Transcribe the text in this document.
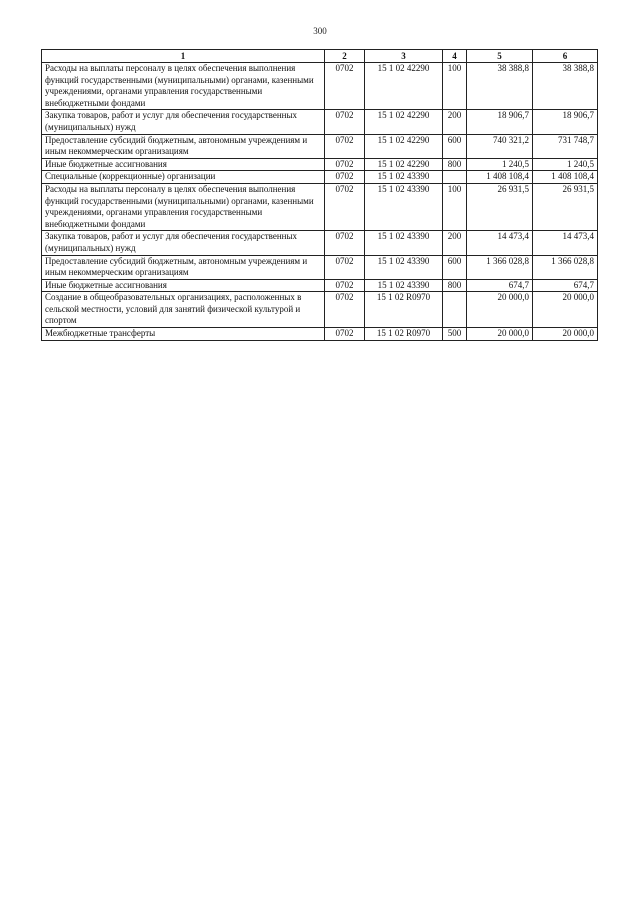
300
1	2	3	4	5	6
Расходы на выплаты персоналу в целях обеспечения выполнения функций государственными (муниципальными) органами, казенными учреждениями, органами управления государственными внебюджетными фондами	0702	15 1 02 42290	100	38 388,8	38 388,8
Закупка товаров, работ и услуг для обеспечения государственных (муниципальных) нужд	0702	15 1 02 42290	200	18 906,7	18 906,7
Предоставление субсидий бюджетным, автономным учреждениям и иным некоммерческим организациям	0702	15 1 02 42290	600	740 321,2	731 748,7
Иные бюджетные ассигнования	0702	15 1 02 42290	800	1 240,5	1 240,5
Специальные (коррекционные) организации	0702	15 1 02 43390		1 408 108,4	1 408 108,4
Расходы на выплаты персоналу в целях обеспечения выполнения функций государственными (муниципальными) органами, казенными учреждениями, органами управления государственными внебюджетными фондами	0702	15 1 02 43390	100	26 931,5	26 931,5
Закупка товаров, работ и услуг для обеспечения государственных (муниципальных) нужд	0702	15 1 02 43390	200	14 473,4	14 473,4
Предоставление субсидий бюджетным, автономным учреждениям и иным некоммерческим организациям	0702	15 1 02 43390	600	1 366 028,8	1 366 028,8
Иные бюджетные ассигнования	0702	15 1 02 43390	800	674,7	674,7
Создание в общеобразовательных организациях, расположенных в сельской местности, условий для занятий физической культурой и спортом	0702	15 1 02 R0970		20 000,0	20 000,0
Межбюджетные трансферты	0702	15 1 02 R0970	500	20 000,0	20 000,0
